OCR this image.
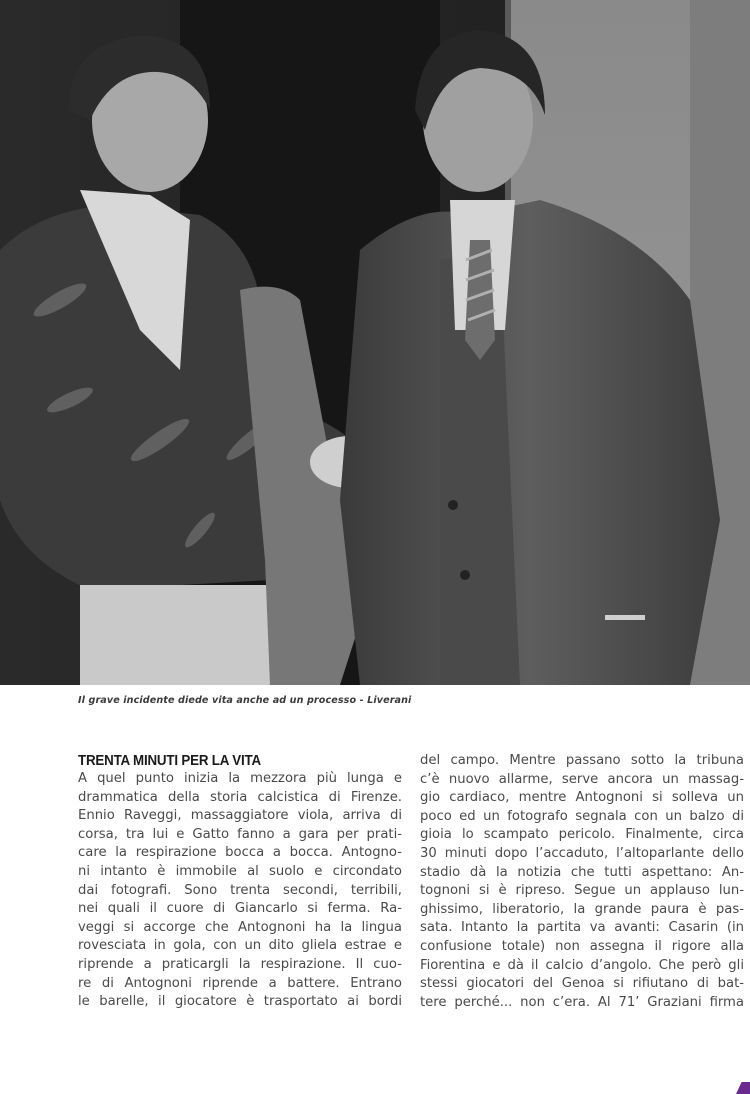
Il grave incidente diede vita anche ad un processo - Liverani
TRENTA MINUTI PER LA VITA
A quel punto inizia la mezzora più lunga e
drammatica della storia calcistica di Firenze.
Ennio Raveggi, massaggiatore viola, arriva di
corsa, tra lui e Gatto fanno a gara per prati-
care la respirazione bocca a bocca. Antogno-
ni intanto è immobile al suolo e circondato
dai fotografi. Sono trenta secondi, terribili,
nei quali il cuore di Giancarlo si ferma. Ra-
veggi si accorge che Antognoni ha la lingua
rovesciata in gola, con un dito gliela estrae e
riprende a praticargli la respirazione. Il cuo-
re di Antognoni riprende a battere. Entrano
le barelle, il giocatore è trasportato ai bordi
del campo. Mentre passano sotto la tribuna
c’è nuovo allarme, serve ancora un massag-
gio cardiaco, mentre Antognoni si solleva un
poco ed un fotografo segnala con un balzo di
gioia lo scampato pericolo. Finalmente, circa
30 minuti dopo l’accaduto, l’altoparlante dello
stadio dà la notizia che tutti aspettano: An-
tognoni si è ripreso. Segue un applauso lun-
ghissimo, liberatorio, la grande paura è pas-
sata. Intanto la partita va avanti: Casarin (in
confusione totale) non assegna il rigore alla
Fiorentina e dà il calcio d’angolo. Che però gli
stessi giocatori del Genoa si rifiutano di bat-
tere perché... non c’era. Al 71’ Graziani firma
